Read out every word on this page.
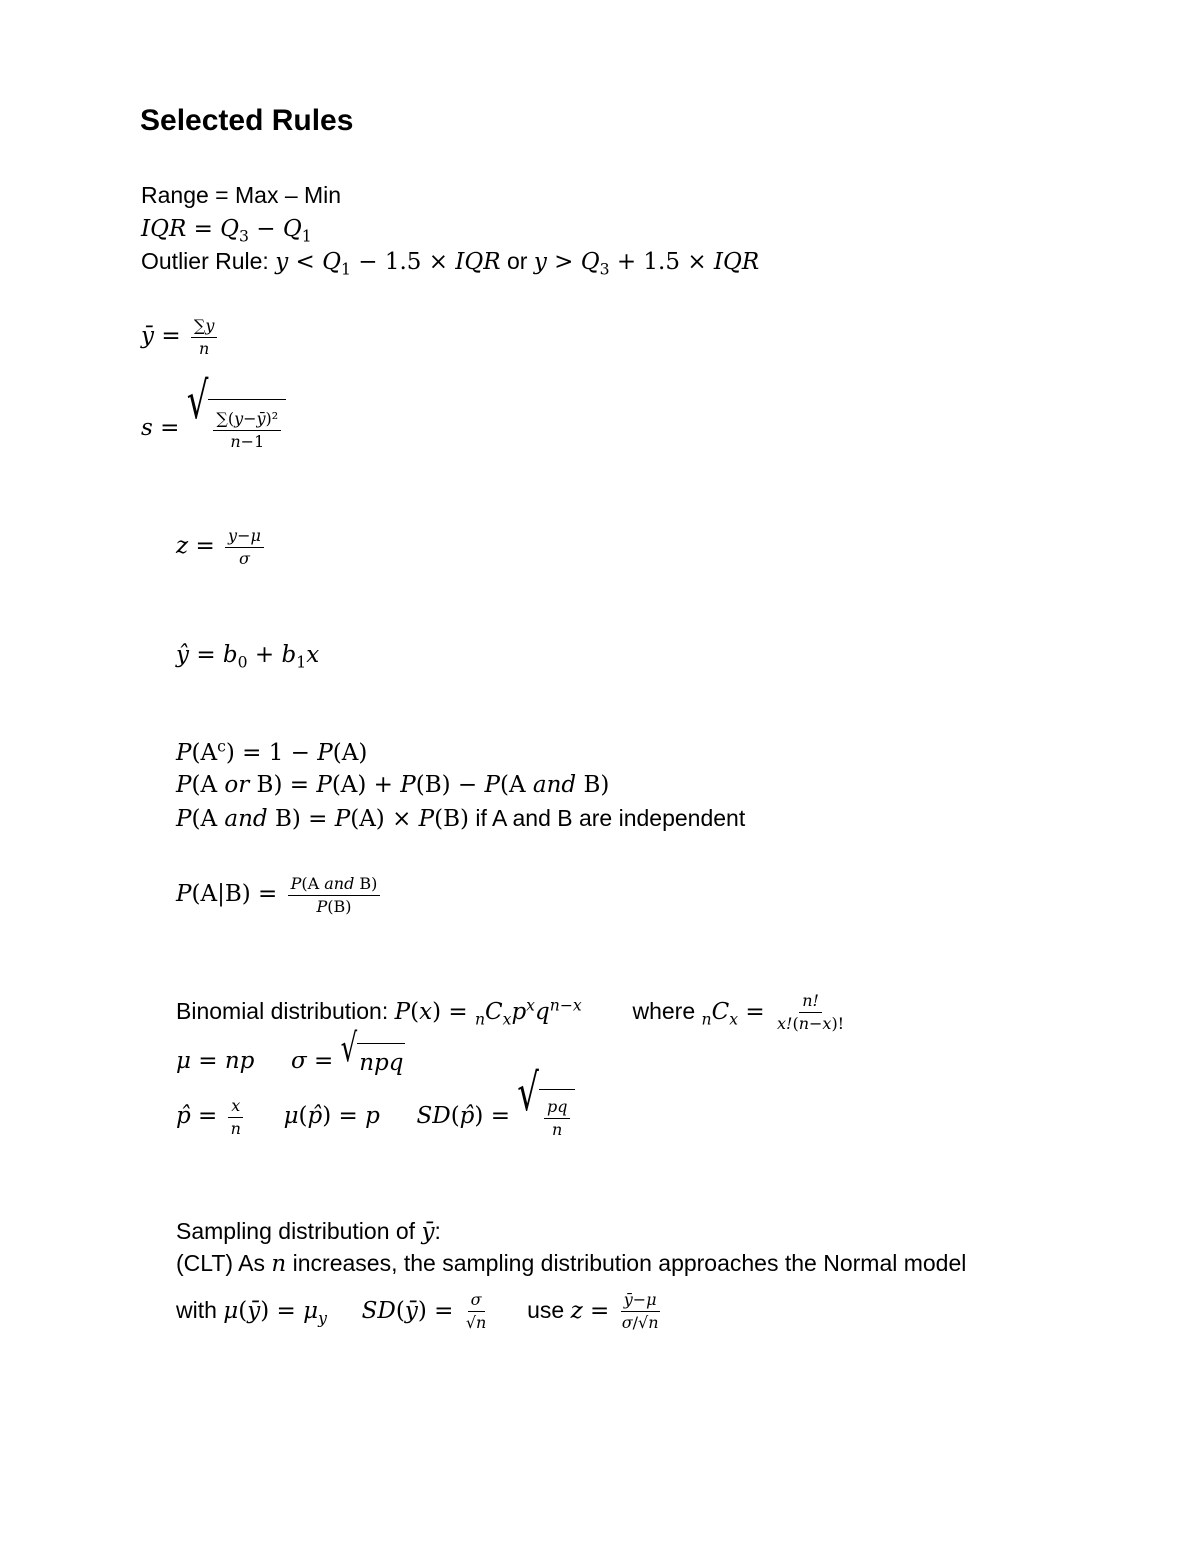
Selected Rules
Range = Max – Min
IQR = $Q_3 - Q_1$
Outlier Rule: $y < Q_1 - 1.5$ × IQR or $y > Q_3 + 1.5$ × IQR
ȳ = $\frac{\sum y}{n}$
s = √ $\frac{\text{∑(y−ȳ)²}}{n-1}$
$z = \frac{y-\mu}{\sigma}$
ŷ = $b_0 + b_1x$
$P(A^c) = 1 - P(A)$
P(A or B) = P(A) + P(B) − P(A and B)
P(A and B) = P(A) × P(B) if A and B are independent
$P(A|B) = \frac{\text{P(A and B)}}{P(B)}$
Binomial distribution: $P(x) = _nC_xp^xq^{n-x}$ where $_nC_x = \frac{n!}{x!(n-x)!}$
μ = np  σ = √ npq
p̂ = $\frac{x}{n}$ μ(p̂) = p  SD(p̂) = √ $\frac{pq}{n}$
Sampling distribution of ȳ:
(CLT) As n increases, the sampling distribution approaches the Normal model
with μ(ȳ) = $\mu_y$ SD(ȳ) = $\frac{\sigma}{√n}$ use $z = \frac{ȳ-\mu}{\sigma/√n}$
